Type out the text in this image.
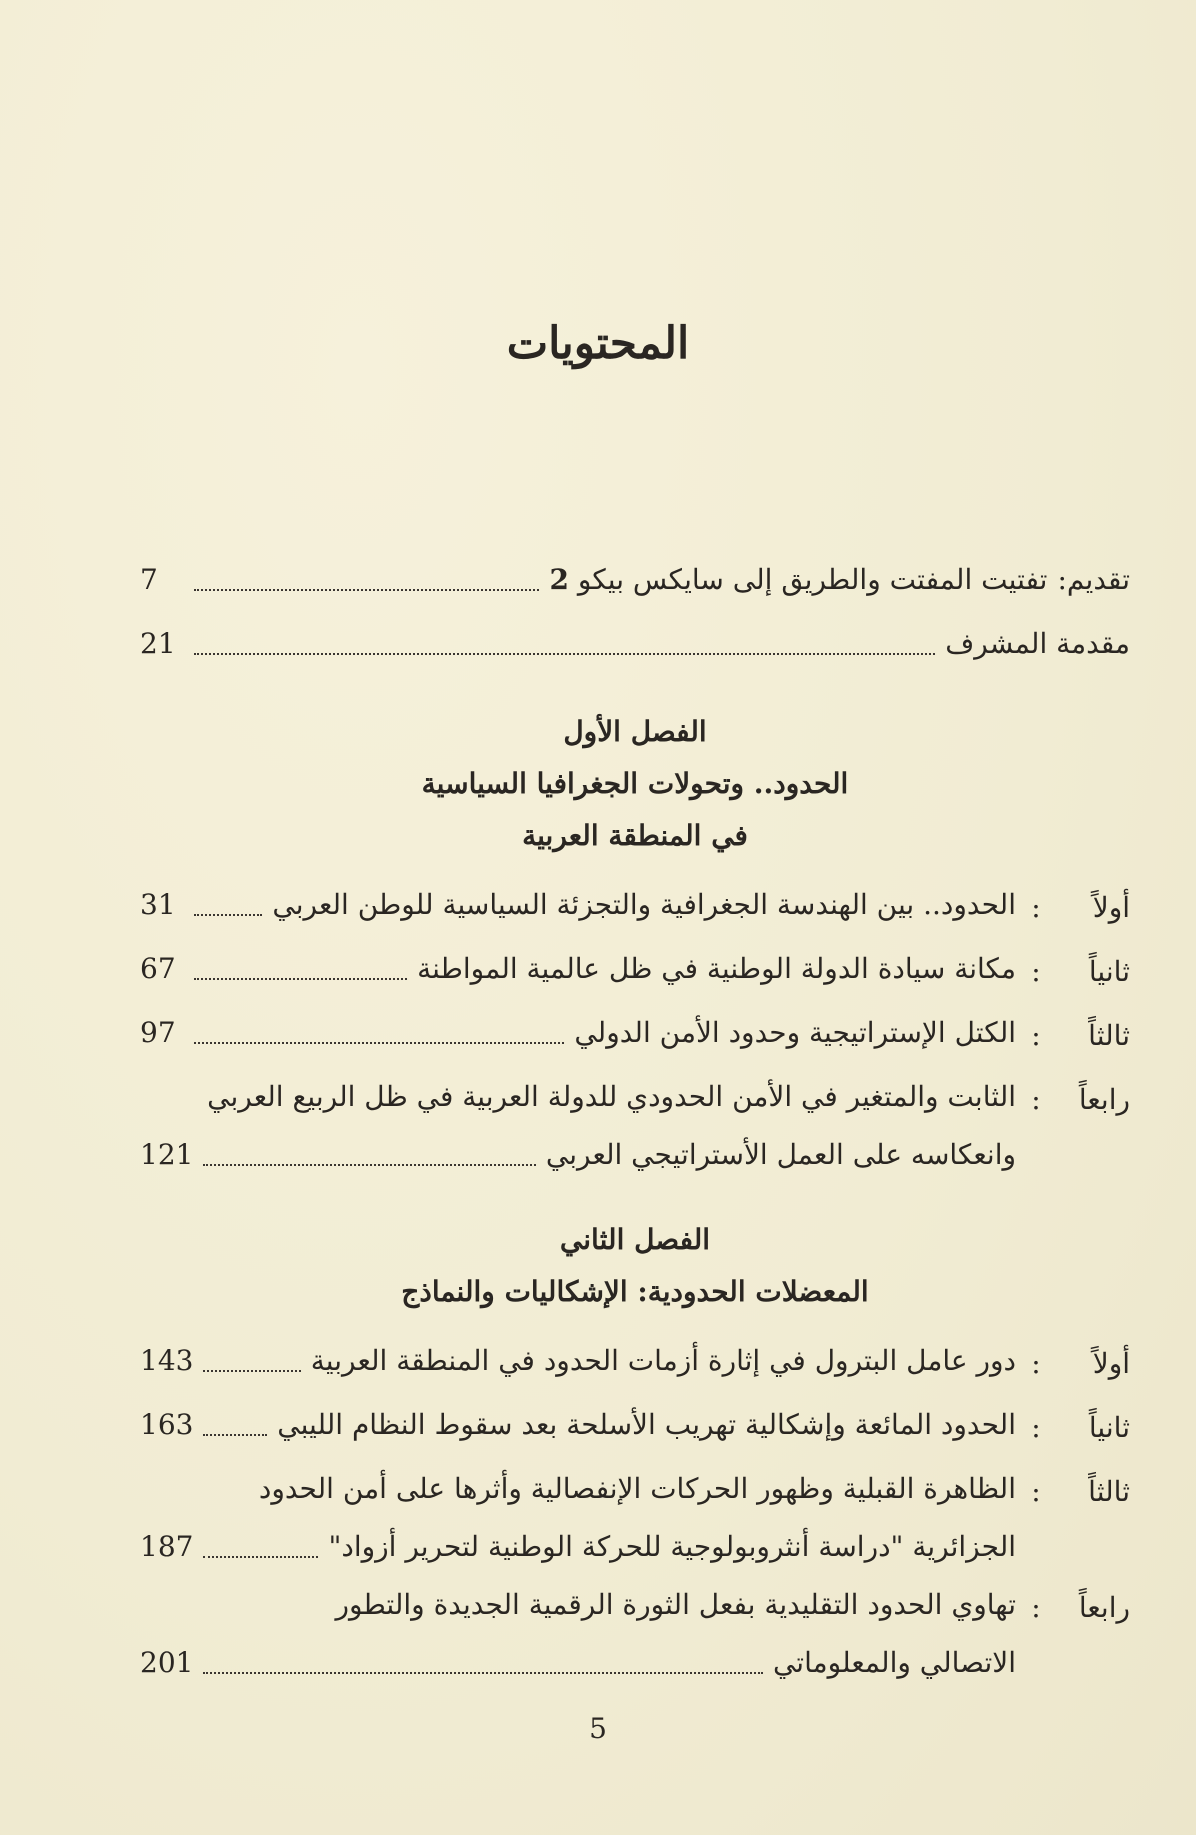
المحتويات
تقديم:
تفتيت المفتت والطريق إلى سايكس بيكو 2
7
مقدمة المشرف
21
الفصل الأول
الحدود.. وتحولات الجغرافيا السياسية
في المنطقة العربية
أولاً
:
الحدود.. بين الهندسة الجغرافية والتجزئة السياسية للوطن العربي
31
ثانياً
:
مكانة سيادة الدولة الوطنية في ظل عالمية المواطنة
67
ثالثاً
:
الكتل الإستراتيجية وحدود الأمن الدولي
97
رابعاً
:
الثابت والمتغير في الأمن الحدودي للدولة العربية في ظل الربيع العربي
وانعكاسه على العمل الأستراتيجي العربي
121
الفصل الثاني
المعضلات الحدودية: الإشكاليات والنماذج
أولاً
:
دور عامل البترول في إثارة أزمات الحدود في المنطقة العربية
143
ثانياً
:
الحدود المائعة وإشكالية تهريب الأسلحة بعد سقوط النظام الليبي
163
ثالثاً
:
الظاهرة القبلية وظهور الحركات الإنفصالية وأثرها على أمن الحدود
الجزائرية "دراسة أنثروبولوجية للحركة الوطنية لتحرير أزواد"
187
رابعاً
:
تهاوي الحدود التقليدية بفعل الثورة الرقمية الجديدة والتطور
الاتصالي والمعلوماتي
201
5
